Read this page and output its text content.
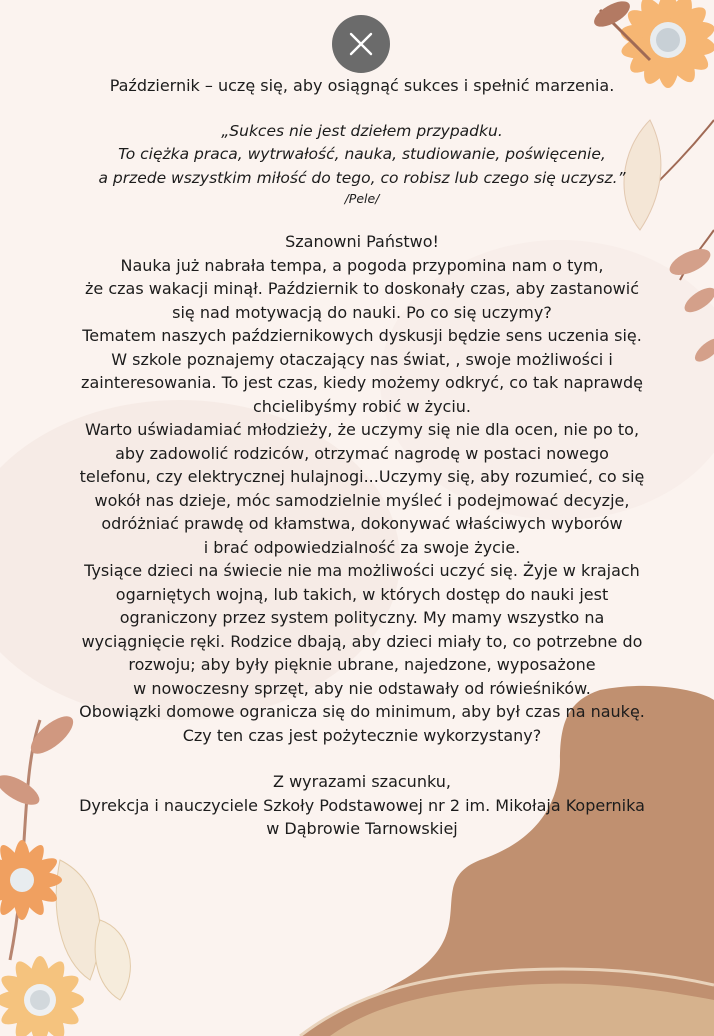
Październik – uczę się, aby osiągnąć sukces i spełnić marzenia.

„Sukces nie jest dziełem przypadku.

To ciężka praca, wytrwałość, nauka, studiowanie, poświęcenie,

a przede wszystkim miłość do tego, co robisz lub czego się uczysz.”

/Pele/

Szanowni Państwo!

Nauka już nabrała tempa, a pogoda przypomina nam o tym,

że czas wakacji minął. Październik to doskonały czas, aby zastanowić

się nad motywacją do nauki. Po co się uczymy?

Tematem naszych październikowych dyskusji będzie sens uczenia się.

W szkole poznajemy otaczający nas świat, , swoje możliwości i

zainteresowania. To jest czas, kiedy możemy odkryć, co tak naprawdę

chcielibyśmy robić w życiu.

Warto uświadamiać młodzieży, że uczymy się nie dla ocen, nie po to,

aby zadowolić rodziców, otrzymać nagrodę w postaci nowego

telefonu, czy elektrycznej hulajnogi...Uczymy się, aby rozumieć, co się

wokół nas dzieje, móc samodzielnie myśleć i podejmować decyzje,

odróżniać prawdę od kłamstwa, dokonywać właściwych wyborów

i brać odpowiedzialność za swoje życie.

Tysiące dzieci na świecie nie ma możliwości uczyć się. Żyje w krajach

ogarniętych wojną, lub takich, w których dostęp do nauki jest

ograniczony przez system polityczny. My mamy wszystko na

wyciągnięcie ręki. Rodzice dbają, aby dzieci miały to, co potrzebne do

rozwoju; aby były pięknie ubrane, najedzone, wyposażone

w nowoczesny sprzęt, aby nie odstawały od rówieśników.

Obowiązki domowe ogranicza się do minimum, aby był czas na naukę.

Czy ten czas jest pożytecznie wykorzystany?

Z wyrazami szacunku,

Dyrekcja i nauczyciele Szkoły Podstawowej nr 2 im. Mikołaja Kopernika

w Dąbrowie Tarnowskiej
